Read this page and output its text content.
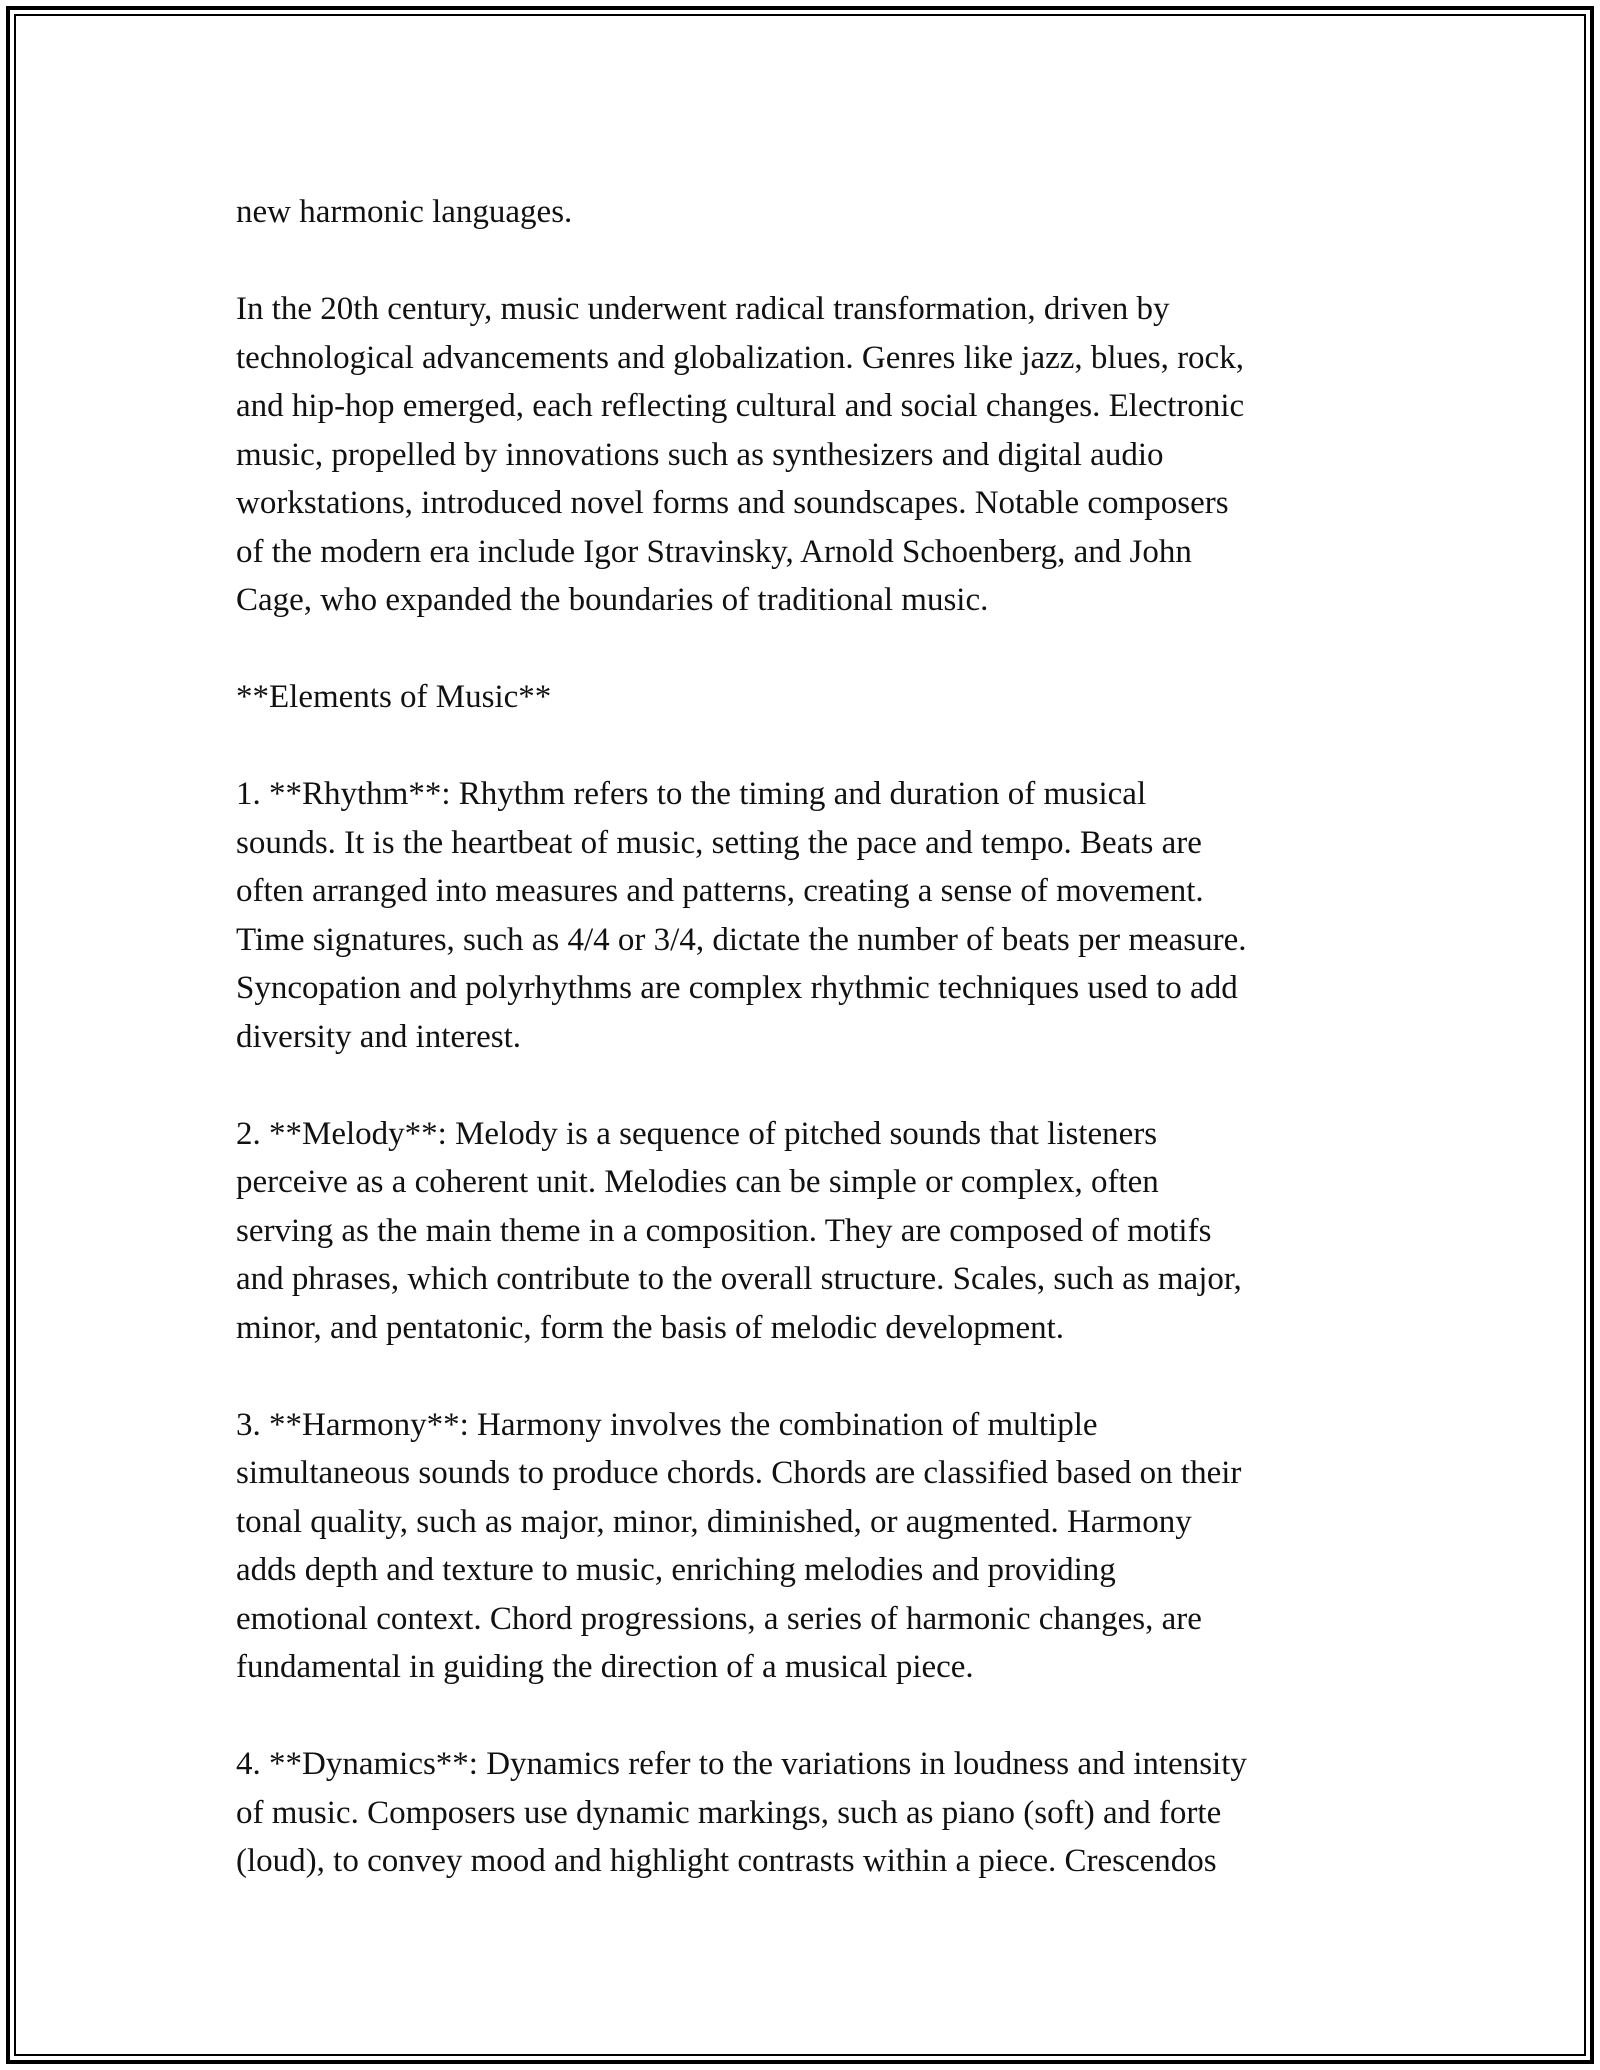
new harmonic languages.

In the 20th century, music underwent radical transformation, driven by
technological advancements and globalization. Genres like jazz, blues, rock,
and hip-hop emerged, each reflecting cultural and social changes. Electronic
music, propelled by innovations such as synthesizers and digital audio
workstations, introduced novel forms and soundscapes. Notable composers
of the modern era include Igor Stravinsky, Arnold Schoenberg, and John
Cage, who expanded the boundaries of traditional music.

**Elements of Music**

1. **Rhythm**: Rhythm refers to the timing and duration of musical
sounds. It is the heartbeat of music, setting the pace and tempo. Beats are
often arranged into measures and patterns, creating a sense of movement.
Time signatures, such as 4/4 or 3/4, dictate the number of beats per measure.
Syncopation and polyrhythms are complex rhythmic techniques used to add
diversity and interest.

2. **Melody**: Melody is a sequence of pitched sounds that listeners
perceive as a coherent unit. Melodies can be simple or complex, often
serving as the main theme in a composition. They are composed of motifs
and phrases, which contribute to the overall structure. Scales, such as major,
minor, and pentatonic, form the basis of melodic development.

3. **Harmony**: Harmony involves the combination of multiple
simultaneous sounds to produce chords. Chords are classified based on their
tonal quality, such as major, minor, diminished, or augmented. Harmony
adds depth and texture to music, enriching melodies and providing
emotional context. Chord progressions, a series of harmonic changes, are
fundamental in guiding the direction of a musical piece.

4. **Dynamics**: Dynamics refer to the variations in loudness and intensity
of music. Composers use dynamic markings, such as piano (soft) and forte
(loud), to convey mood and highlight contrasts within a piece. Crescendos
